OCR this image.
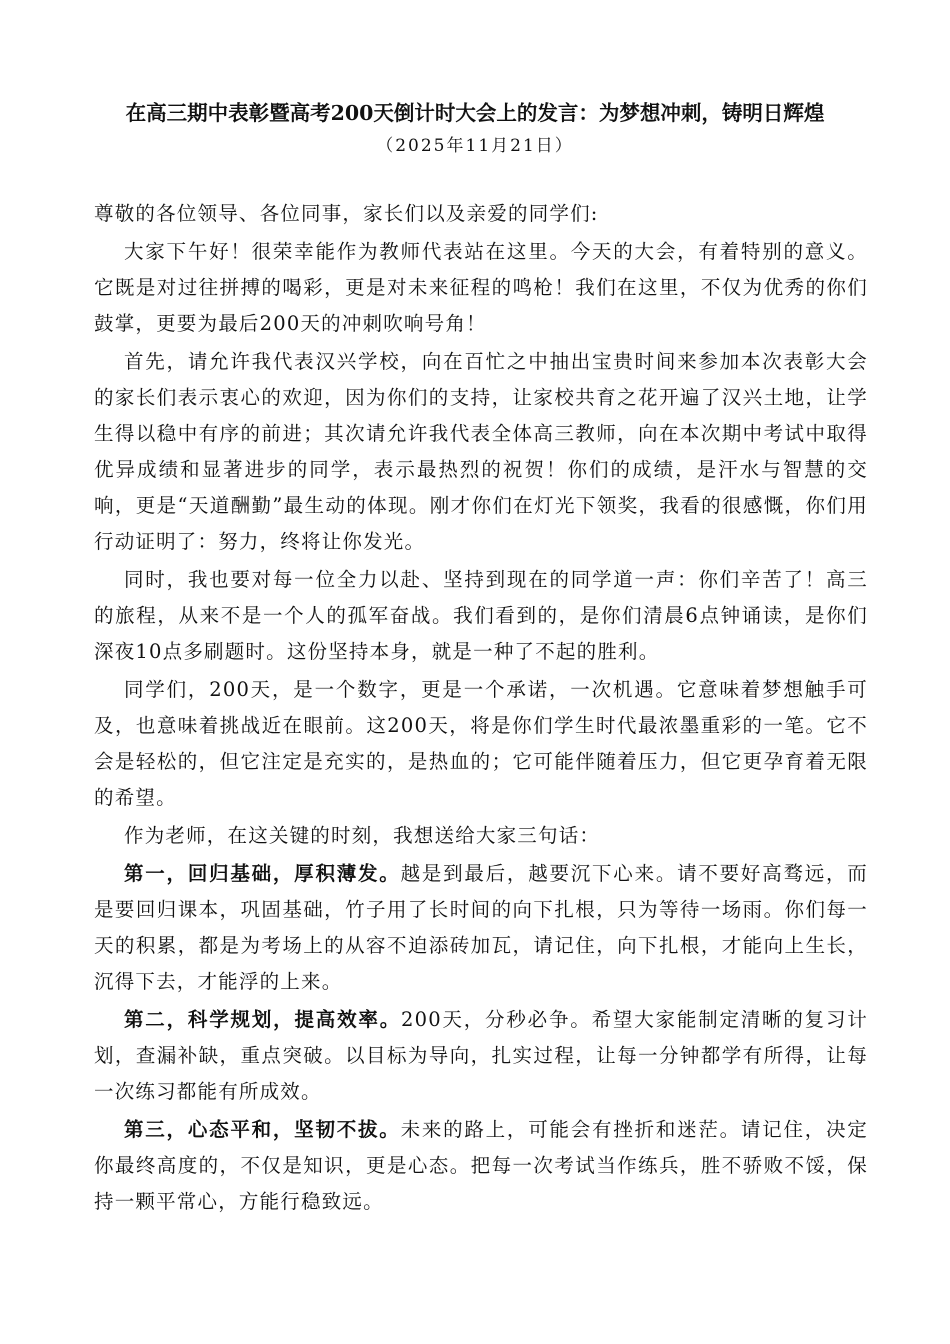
在高三期中表彰暨高考200天倒计时大会上的发言：为梦想冲刺，铸明日辉煌
（2025年11月21日）

尊敬的各位领导、各位同事，家长们以及亲爱的同学们:

大家下午好！很荣幸能作为教师代表站在这里。今天的大会，有着特别的意义。它既是对过往拼搏的喝彩，更是对未来征程的鸣枪！我们在这里，不仅为优秀的你们鼓掌，更要为最后200天的冲刺吹响号角！

首先，请允许我代表汉兴学校，向在百忙之中抽出宝贵时间来参加本次表彰大会的家长们表示衷心的欢迎，因为你们的支持，让家校共育之花开遍了汉兴土地，让学生得以稳中有序的前进；其次请允许我代表全体高三教师，向在本次期中考试中取得优异成绩和显著进步的同学，表示最热烈的祝贺！你们的成绩，是汗水与智慧的交响，更是“天道酬勤”最生动的体现。刚才你们在灯光下领奖，我看的很感慨，你们用行动证明了：努力，终将让你发光。

同时，我也要对每一位全力以赴、坚持到现在的同学道一声：你们辛苦了！高三的旅程，从来不是一个人的孤军奋战。我们看到的，是你们清晨6点钟诵读，是你们深夜10点多刷题时。这份坚持本身，就是一种了不起的胜利。

同学们，200天，是一个数字，更是一个承诺，一次机遇。它意味着梦想触手可及，也意味着挑战近在眼前。这200天，将是你们学生时代最浓墨重彩的一笔。它不会是轻松的，但它注定是充实的，是热血的；它可能伴随着压力，但它更孕育着无限的希望。

作为老师，在这关键的时刻，我想送给大家三句话：

第一，回归基础，厚积薄发。越是到最后，越要沉下心来。请不要好高骛远，而是要回归课本，巩固基础，竹子用了长时间的向下扎根，只为等待一场雨。你们每一天的积累，都是为考场上的从容不迫添砖加瓦，请记住，向下扎根，才能向上生长，沉得下去，才能浮的上来。

第二，科学规划，提高效率。200天，分秒必争。希望大家能制定清晰的复习计划，查漏补缺，重点突破。以目标为导向，扎实过程，让每一分钟都学有所得，让每一次练习都能有所成效。

第三，心态平和，坚韧不拔。未来的路上，可能会有挫折和迷茫。请记住，决定你最终高度的，不仅是知识，更是心态。把每一次考试当作练兵，胜不骄败不馁，保持一颗平常心，方能行稳致远。
